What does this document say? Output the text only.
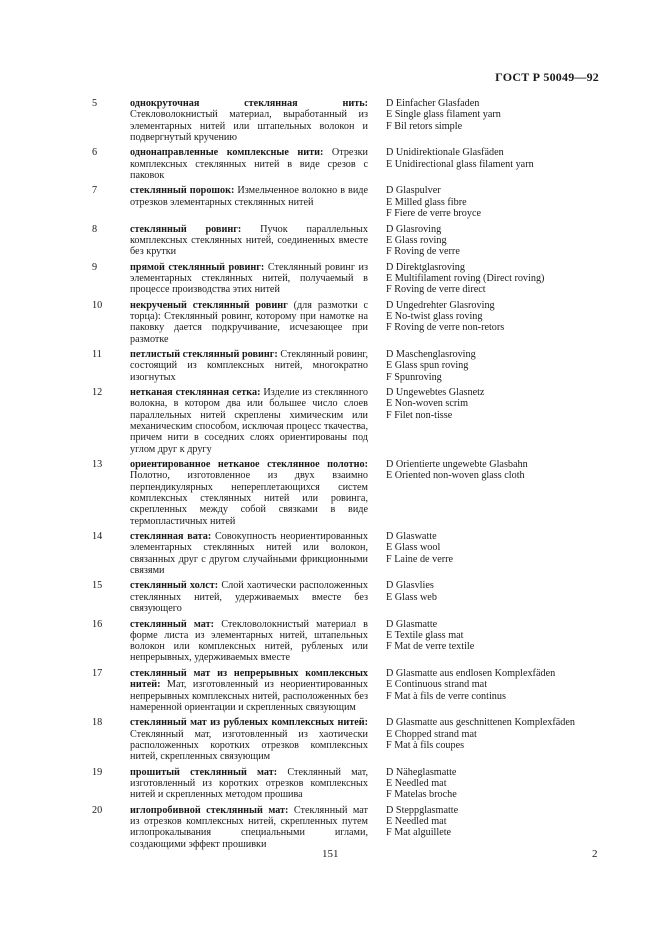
ГОСТ Р 50049—92
5	однокруточная стеклянная нить: Стекловолокнистый материал, выработанный из элементарных нитей или штапельных волокон и подвергнутый кручению
D Einfacher Glasfaden
E Single glass filament yarn
F Bil retors simple
6	однонаправленные комплексные нити: Отрезки комплексных стеклянных нитей в виде срезов с паковок
D Unidirektionale Glasfäden
E Unidirectional glass filament yarn
7	стеклянный порошок: Измельченное волокно в виде отрезков элементарных стеклянных нитей
D Glaspulver
E Milled glass fibre
F Fiere de verre broyce
8	стеклянный ровинг: Пучок параллельных комплексных стеклянных нитей, соединенных вместе без крутки
D Glasroving
E Glass roving
F Roving de verre
9	прямой стеклянный ровинг: Стеклянный ровинг из элементарных стеклянных нитей, получаемый в процессе производства этих нитей
D Direktglasroving
E Multifilament roving (Direct roving)
F Roving de verre direct
10	некрученый стеклянный ровинг (для размотки с торца): Стеклянный ровинг, которому при намотке на паковку дается подкручивание, исчезающее при размотке
D Ungedrehter Glasroving
E No-twist glass roving
F Roving de verre non-retors
11	петлистый стеклянный ровинг: Стеклянный ровинг, состоящий из комплексных нитей, многократно изогнутых
D Maschenglasroving
E Glass spun roving
F Spunroving
12	нетканая стеклянная сетка: Изделие из стеклянного волокна, в котором два или большее число слоев параллельных нитей скреплены химическим или механическим способом, исключая процесс ткачества, причем нити в соседних слоях ориентированы под углом друг к другу
D Ungewebtes Glasnetz
E Non-woven scrim
F Filet non-tisse
13	ориентированное нетканое стеклянное полотно: Полотно, изготовленное из двух взаимно перпендикулярных непереплетающихся систем комплексных стеклянных нитей или ровинга, скрепленных между собой связками в виде термопластичных нитей
D Orientierte ungewebte Glasbahn
E Oriented non-woven glass cloth
14	стеклянная вата: Совокупность неориентированных элементарных стеклянных нитей или волокон, связанных друг с другом случайными фрикционными связями
D Glaswatte
E Glass wool
F Laine de verre
15	стеклянный холст: Слой хаотически расположенных стеклянных нитей, удерживаемых вместе без связующего
D Glasvlies
E Glass web
16	стеклянный мат: Стекловолокнистый материал в форме листа из элементарных нитей, штапельных волокон или комплексных нитей, рубленых или непрерывных, удерживаемых вместе
D Glasmatte
E Textile glass mat
F Mat de verre textile
17	стеклянный мат из непрерывных комплексных нитей: Мат, изготовленный из неориентированных непрерывных комплексных нитей, расположенных без намеренной ориентации и скрепленных связующим
D Glasmatte aus endlosen Komplexfäden
E Continuous strand mat
F Mat à fils de verre continus
18	стеклянный мат из рубленых комплексных нитей: Стеклянный мат, изготовленный из хаотически расположенных коротких отрезков комплексных нитей, скрепленных связующим
D Glasmatte aus geschnittenen Komplexfäden
E Chopped strand mat
F Mat à fils coupes
19	прошитый стеклянный мат: Стеклянный мат, изготовленный из коротких отрезков комплексных нитей и скрепленных методом прошива
D Näheglasmatte
E Needled mat
F Matelas broche
20	иглопробивной стеклянный мат: Стеклянный мат из отрезков комплексных нитей, скрепленных путем иглопрокалывания специальными иглами, создающими эффект прошивки
D Steppglasmatte
E Needled mat
F Mat alguillete
151	2
